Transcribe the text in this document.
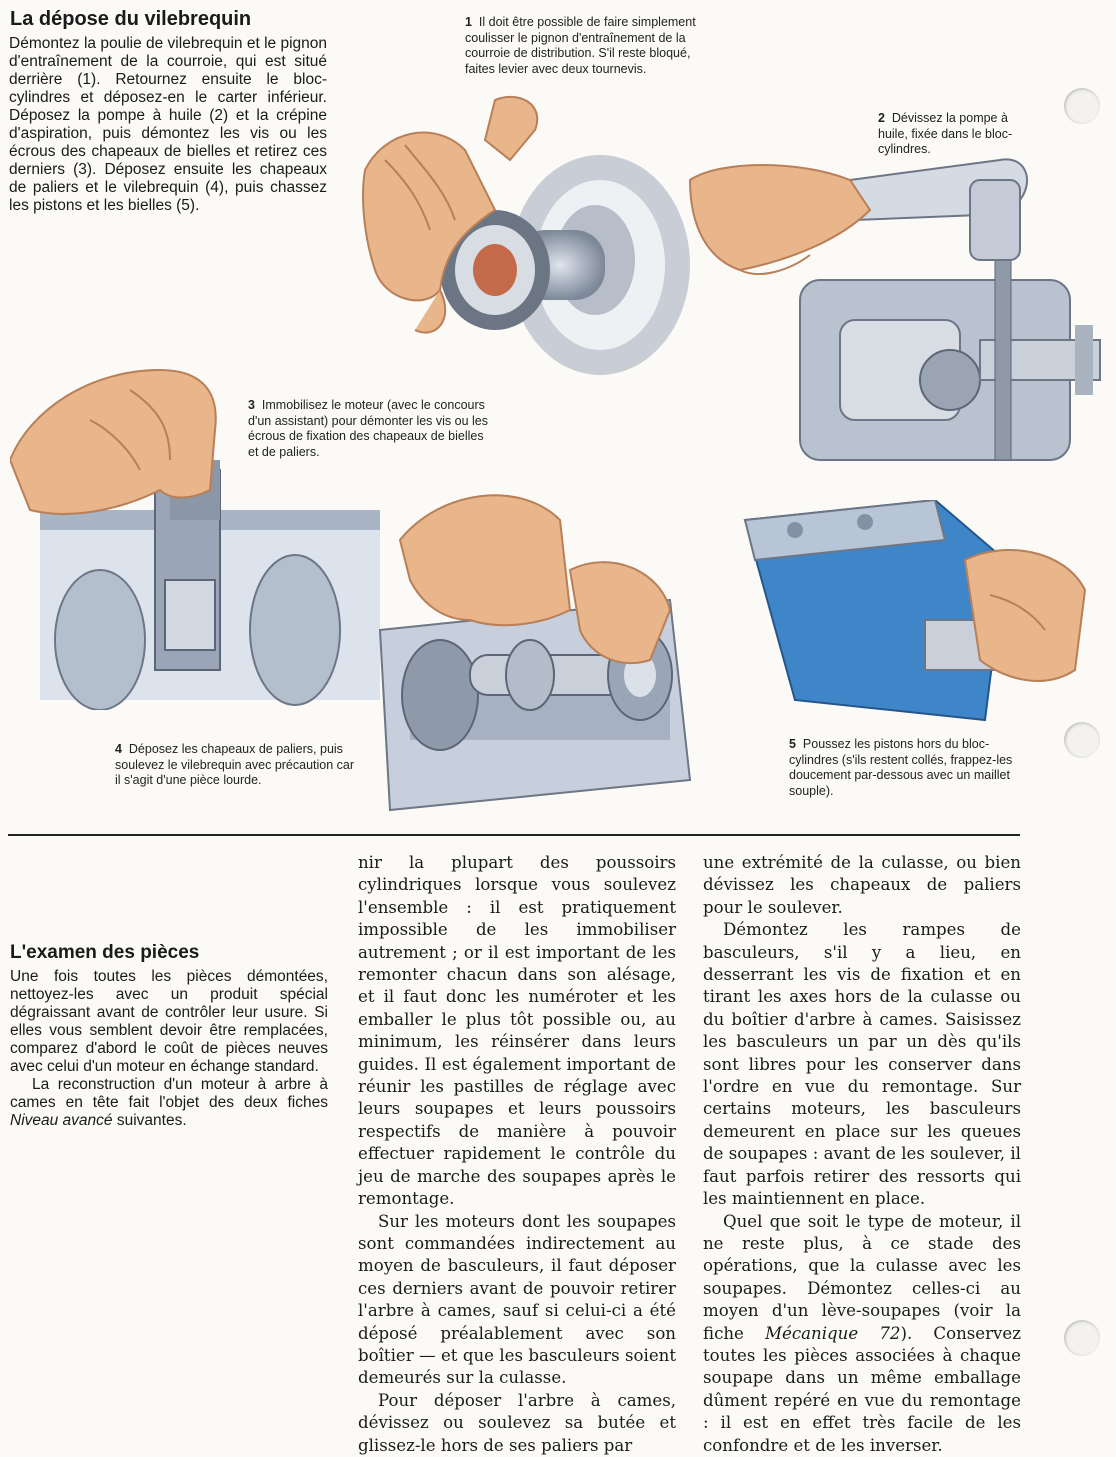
La dépose du vilebrequin

Démontez la poulie de vilebrequin et le pignon d'entraînement de la courroie, qui est situé derrière (1). Retournez ensuite le bloc-cylindres et déposez-en le carter inférieur. Déposez la pompe à huile (2) et la crépine d'aspiration, puis démontez les vis ou les écrous des chapeaux de bielles et retirez ces derniers (3). Déposez ensuite les chapeaux de paliers et le vilebrequin (4), puis chassez les pistons et les bielles (5).

1 Il doit être possible de faire simplement coulisser le pignon d'entraînement de la courroie de distribution. S'il reste bloqué, faites levier avec deux tournevis.
2 Dévissez la pompe à huile, fixée dans le bloc-cylindres.
3 Immobilisez le moteur (avec le concours d'un assistant) pour démonter les vis ou les écrous de fixation des chapeaux de bielles et de paliers.
4 Déposez les chapeaux de paliers, puis soulevez le vilebrequin avec précaution car il s'agit d'une pièce lourde.
5 Poussez les pistons hors du bloc-cylindres (s'ils restent collés, frappez-les doucement par-dessous avec un maillet souple).
L'examen des pièces

Une fois toutes les pièces démontées, nettoyez-les avec un produit spécial dégraissant avant de contrôler leur usure. Si elles vous semblent devoir être remplacées, comparez d'abord le coût de pièces neuves avec celui d'un moteur en échange standard.

La reconstruction d'un moteur à arbre à cames en tête fait l'objet des deux fiches Niveau avancé suivantes.

nir la plupart des poussoirs cylindriques lorsque vous soulevez l'ensemble : il est pratiquement impossible de les immobiliser autrement ; or il est important de les remonter chacun dans son alésage, et il faut donc les numéroter et les emballer le plus tôt possible ou, au minimum, les réinsérer dans leurs guides. Il est également important de réunir les pastilles de réglage avec leurs soupapes et leurs poussoirs respectifs de manière à pouvoir effectuer rapidement le contrôle du jeu de marche des soupapes après le remontage.

Sur les moteurs dont les soupapes sont commandées indirectement au moyen de basculeurs, il faut déposer ces derniers avant de pouvoir retirer l'arbre à cames, sauf si celui-ci a été déposé préalablement avec son boîtier — et que les basculeurs soient demeurés sur la culasse.

Pour déposer l'arbre à cames, dévissez ou soulevez sa butée et glissez-le hors de ses paliers par

une extrémité de la culasse, ou bien dévissez les chapeaux de paliers pour le soulever.

Démontez les rampes de basculeurs, s'il y a lieu, en desserrant les vis de fixation et en tirant les axes hors de la culasse ou du boîtier d'arbre à cames. Saisissez les basculeurs un par un dès qu'ils sont libres pour les conserver dans l'ordre en vue du remontage. Sur certains moteurs, les basculeurs demeurent en place sur les queues de soupapes : avant de les soulever, il faut parfois retirer des ressorts qui les maintiennent en place.

Quel que soit le type de moteur, il ne reste plus, à ce stade des opérations, que la culasse avec les soupapes. Démontez celles-ci au moyen d'un lève-soupapes (voir la fiche Mécanique 72). Conservez toutes les pièces associées à chaque soupape dans un même emballage dûment repéré en vue du remontage : il est en effet très facile de les confondre et de les inverser.
